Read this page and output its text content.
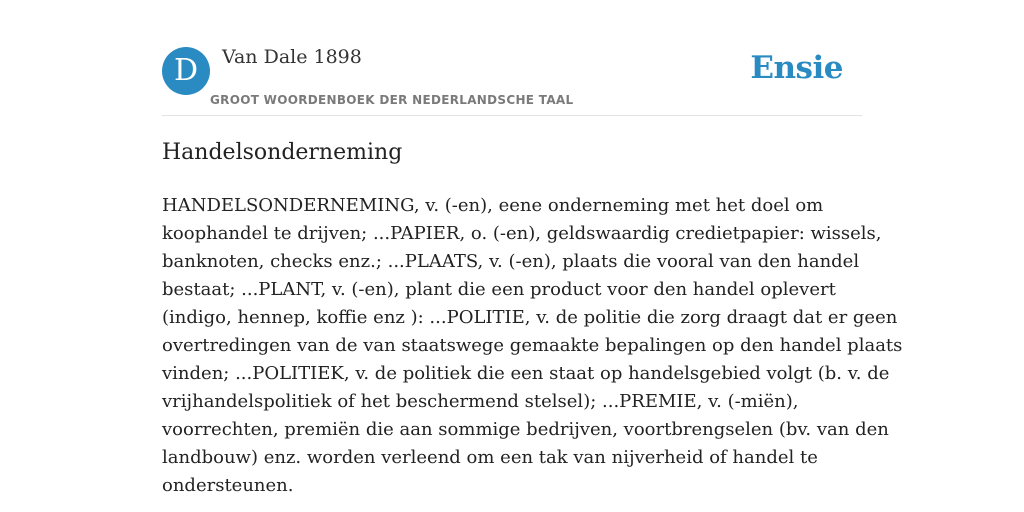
D	Van Dale 1898
GROOT WOORDENBOEK DER NEDERLANDSCHE TAAL
Ensie
Handelsonderneming
HANDELSONDERNEMING, v. (-en), eene onderneming met het doel om
koophandel te drijven; ...PAPIER, o. (-en), geldswaardig credietpapier: wissels,
banknoten, checks enz.; ...PLAATS, v. (-en), plaats die vooral van den handel
bestaat; ...PLANT, v. (-en), plant die een product voor den handel oplevert
(indigo, hennep, koffie enz ): ...POLITIE, v. de politie die zorg draagt dat er geen
overtredingen van de van staatswege gemaakte bepalingen op den handel plaats
vinden; ...POLITIEK, v. de politiek die een staat op handelsgebied volgt (b. v. de
vrijhandelspolitiek of het beschermend stelsel); ...PREMIE, v. (-miën),
voorrechten, premiën die aan sommige bedrijven, voortbrengselen (bv. van den
landbouw) enz. worden verleend om een tak van nijverheid of handel te
ondersteunen.
